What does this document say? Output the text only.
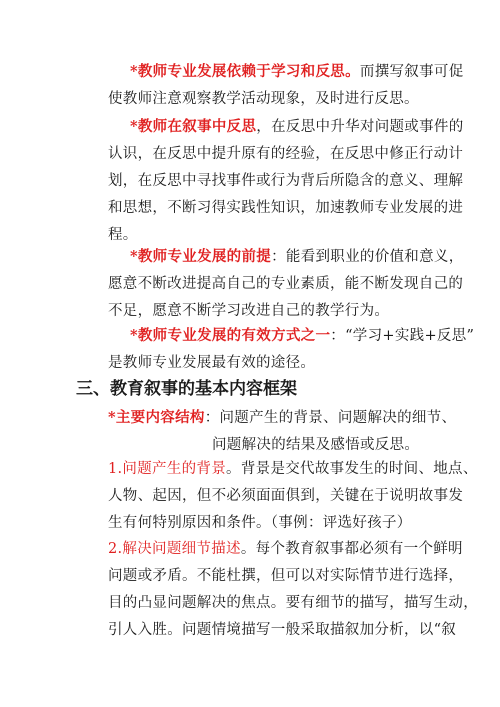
*教师专业发展依赖于学习和反思。而撰写叙事可促
使教师注意观察教学活动现象，及时进行反思。
*教师在叙事中反思，在反思中升华对问题或事件的
认识，在反思中提升原有的经验，在反思中修正行动计
划，在反思中寻找事件或行为背后所隐含的意义、理解
和思想，不断习得实践性知识，加速教师专业发展的进
程。
*教师专业发展的前提：能看到职业的价值和意义，
愿意不断改进提高自己的专业素质，能不断发现自己的
不足，愿意不断学习改进自己的教学行为。
*教师专业发展的有效方式之一：“学习+实践+反思”
是教师专业发展最有效的途径。
三、教育叙事的基本内容框架
*主要内容结构：问题产生的背景、问题解决的细节、
问题解决的结果及感悟或反思。
1.问题产生的背景。背景是交代故事发生的时间、地点、
人物、起因，但不必须面面俱到，关键在于说明故事发
生有何特别原因和条件。（事例：评选好孩子）
2.解决问题细节描述。每个教育叙事都必须有一个鲜明
问题或矛盾。不能杜撰，但可以对实际情节进行选择，
目的凸显问题解决的焦点。要有细节的描写，描写生动，
引人入胜。问题情境描写一般采取描叙加分析，以“叙
